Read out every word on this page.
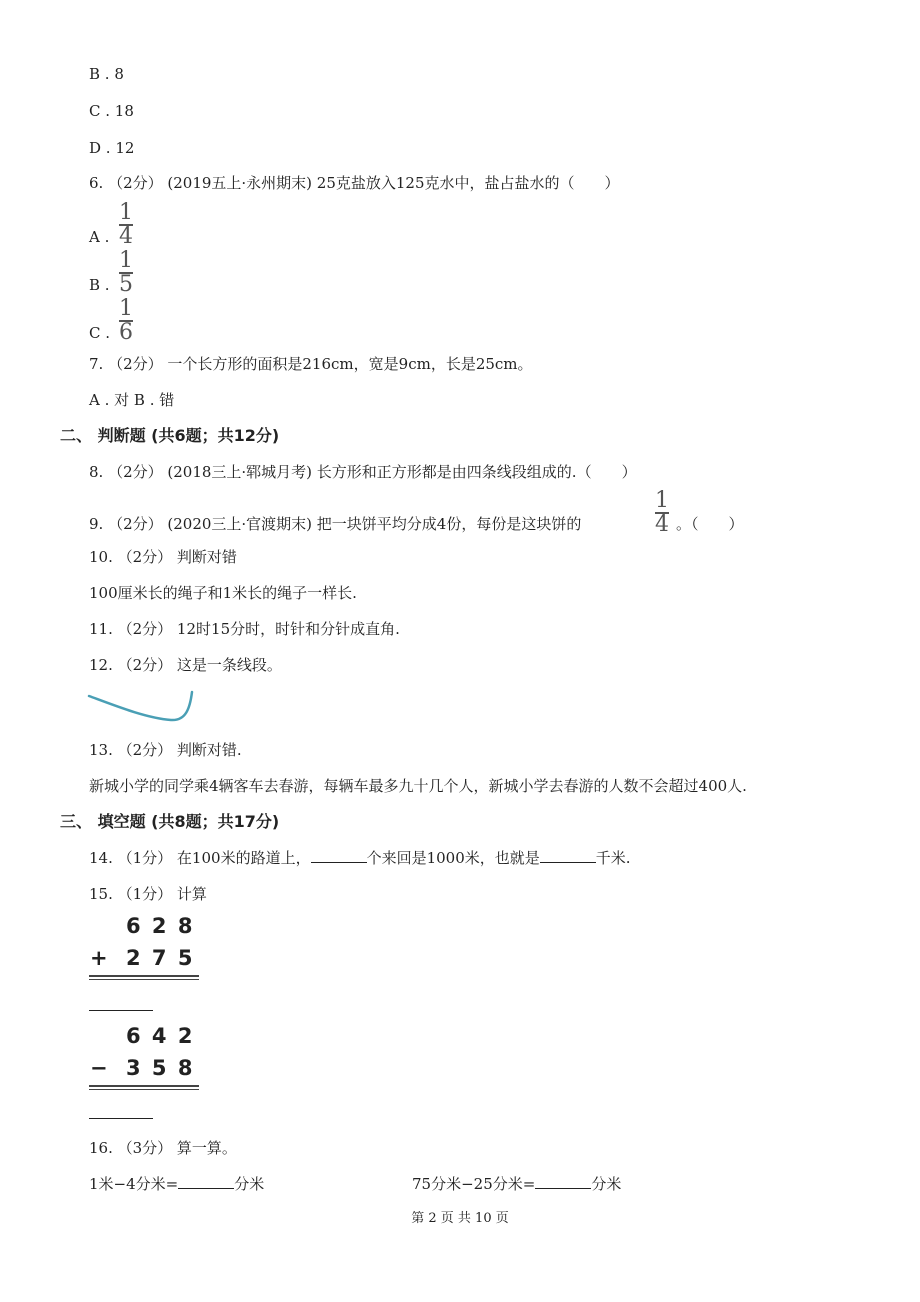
B . 8
C . 18
D . 12
6. （2分） (2019五上·永州期末) 25克盐放入125克水中，盐占盐水的（　　）
A .
1
4
B .
1
5
C .
1
6
7. （2分） 一个长方形的面积是216cm，宽是9cm，长是25cm。
A . 对 B . 错
二、 判断题 (共6题；共12分)
8. （2分） (2018三上·郓城月考) 长方形和正方形都是由四条线段组成的.（　　）
9. （2分） (2020三上·官渡期末) 把一块饼平均分成4份，每份是这块饼的
1
4 。（　　）
10. （2分） 判断对错
100厘米长的绳子和1米长的绳子一样长.
11. （2分） 12时15分时，时针和分针成直角.
12. （2分） 这是一条线段。
13. （2分） 判断对错.
新城小学的同学乘4辆客车去春游，每辆车最多九十几个人，新城小学去春游的人数不会超过400人.
三、 填空题 (共8题；共17分)
14. （1分） 在100米的路道上，	个来回是1000米，也就是	千米.
15. （1分） 计算
6 2 8
+ 2 7 5
6 4 2
− 3 5 8
16. （3分） 算一算。
1米−4分米=	分米	75分米−25分米=	分米
第 2 页 共 10 页
